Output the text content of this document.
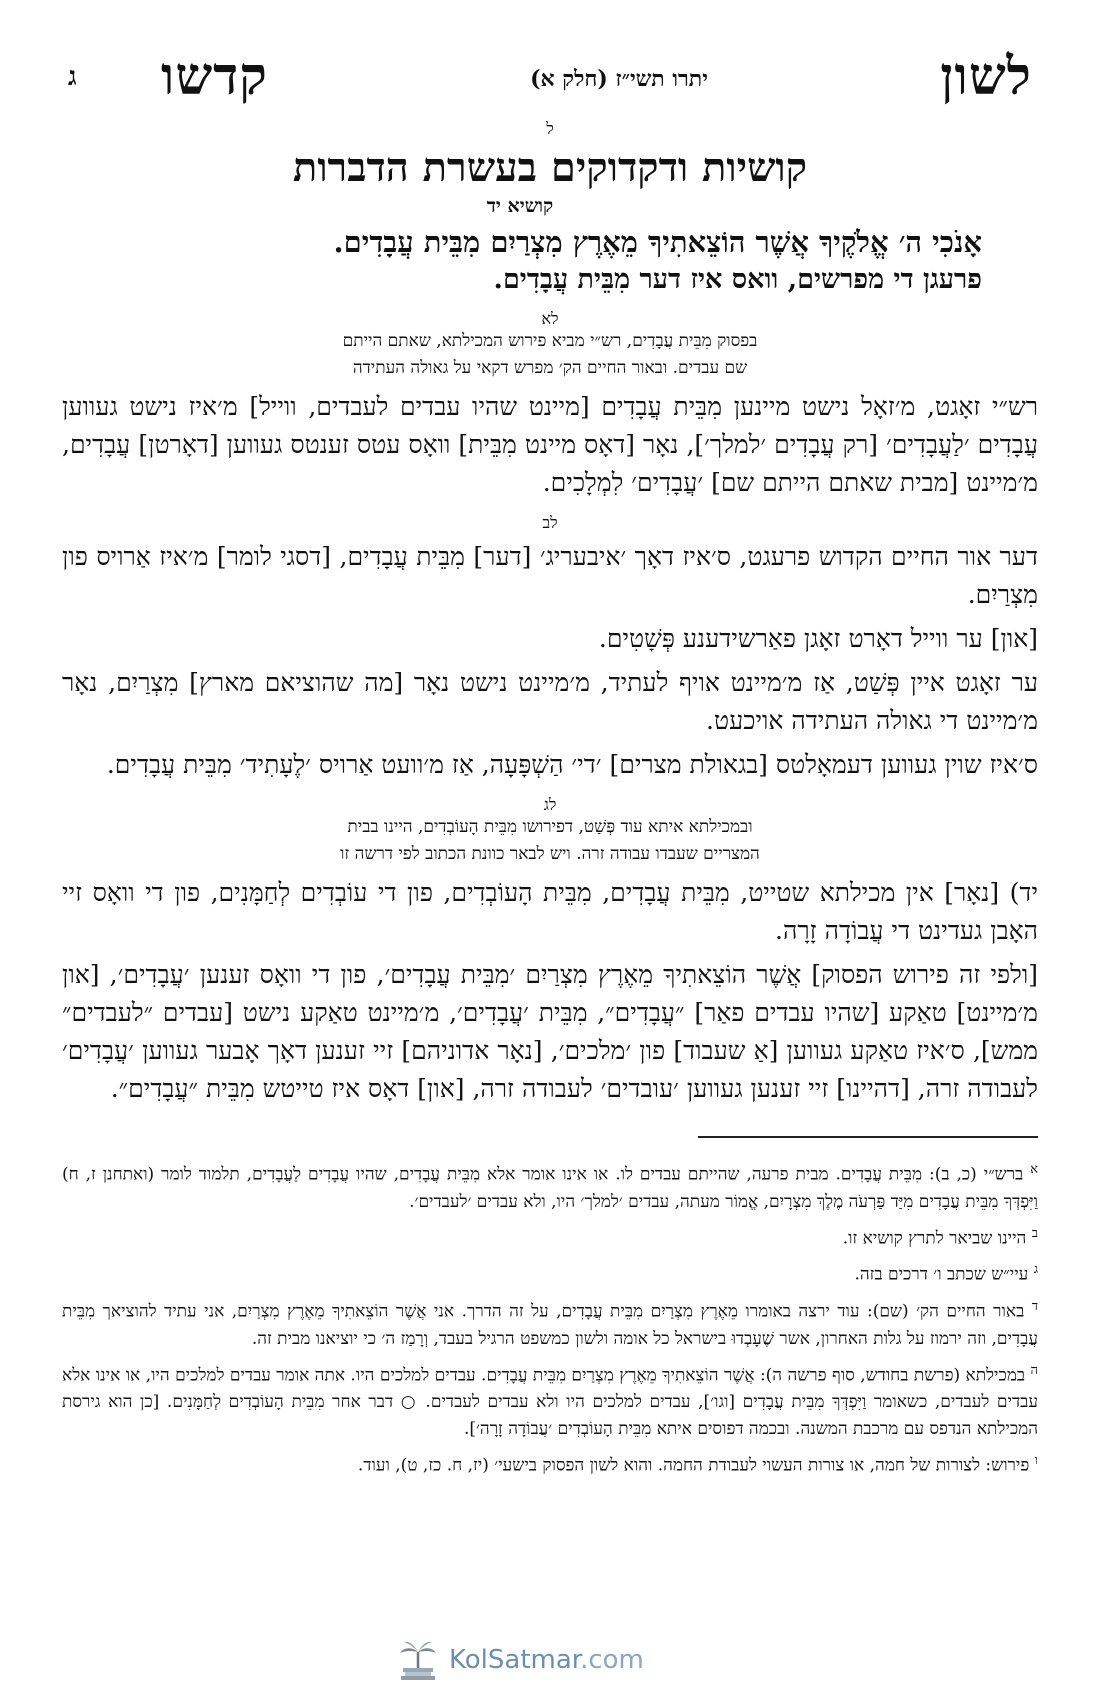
לשון
יתרו תשי״ז (חלק א)
קדשו
ג
ל
קושיות ודקדוקים בעשרת הדברות
קושיא יד
אָנֹכִי ה׳ אֱלֹקֶיךָ אֲשֶׁר הוֹצֵאתִיךָ מֵאֶרֶץ מִצְרַיִם מִבֵּית עֲבָדִים.
פרעגן די מפרשים, וואס איז דער מִבֵּית עֲבָדִים.
לא
בפסוק מִבֵּית עֲבָדִים, רש״י מביא פירוש המכילתא, שאתם הייתם
שם עבדים. ובאור החיים הק׳ מפרש דקאי על גאולה העתידה
רש״י זאָגט, מ׳זאָל נישט מיינען מִבֵּית עֲבָדִים [מיינט שהיו עבדים לעבדים, ווייל] מ׳איז נישט געווען עֲבָדִים ׳לַעֲבָדִים׳ [רק עֲבָדִים ׳למלך׳], נאָר [דאָס מיינט מִבֵּית] וואָס עטס זענטס געווען [דאָרטן] עֲבָדִים, מ׳מיינט [מבית שאתם הייתם שם] ׳עֲבָדִים׳ לִמְלָכִים.
לב
דער אור החיים הקדוש פרעגט, ס׳איז דאָך ׳איבעריג׳ [דער] מִבֵּית עֲבָדִים, [דסגי לומר] מ׳איז אַרויס פון מִצְרַיִם.
[און] ער ווייל דאָרט זאָגן פאַרשידענע פְּשָׁטִים.
ער זאָגט איין פְּשַׁט, אַז מ׳מיינט אויף לעתיד, מ׳מיינט נישט נאָר [מה שהוציאם מארץ] מִצְרַיִם, נאָר מ׳מיינט די גאולה העתידה אויכעט.
ס׳איז שוין געווען דעמאָלטס [בגאולת מצרים] ׳די׳ הַשְׁפָּעָה, אַז מ׳וועט אַרויס ׳לֶעָתִיד׳ מִבֵּית עֲבָדִים.
לג
ובמכילתא איתא עוד פְּשַׁט, דפירושו מִבֵּית הָעוֹבְדִים, היינו בבית
המצריים שעבדו עבודה זרה. ויש לבאר כוונת הכתוב לפי דרשה זו
יד) [נאָר] אין מכילתא שטייט, מִבֵּית עֲבָדִים, מִבֵּית הָעוֹבְדִים, פון די עוֹבְדִים לְחַמָּנִים, פון די וואָס זיי האָבן געדינט די עֲבוֹדָה זָרָה.
[ולפי זה פירוש הפסוק] אֲשֶׁר הוֹצֵאתִיךָ מֵאֶרֶץ מִצְרַיִם ׳מִבֵּית עֲבָדִים׳, פון די וואָס זענען ׳עֲבָדִים׳, [און מ׳מיינט] טאַקע [שהיו עבדים פאַר] ״עֲבָדִים״, מִבֵּית ׳עֲבָדִים׳, מ׳מיינט טאַקע נישט [עבדים ״לעבדים״ ממש], ס׳איז טאַקע געווען [אַ שעבוד] פון ׳מלכים׳, [נאָר אדוניהם] זיי זענען דאָך אָבער געווען ׳עֲבָדִים׳ לעבודה זרה, [דהיינו] זיי זענען געווען ׳עובדים׳ לעבודה זרה, [און] דאָס איז טייטש מִבֵּית ״עֲבָדִים״.
$^א$ ברש״י (כ, ב): מִבֵּית עֲבָדִים. מבית פרעה, שהייתם עבדים לו. או אינו אומר אלא מִבֵּית עֲבָדִים, שהיו עֲבָדִים לַעֲבָדִים, תלמוד לומר (ואתחנן ז, ח) וַיִּפְדְּךָ מִבֵּית עֲבָדִים מִיַּד פַּרְעֹה מֶלֶךְ מִצְרָיִם, אֱמוֹר מעתה, עבדים ׳למלך׳ היו, ולא עבדים ׳לעבדים׳.
$^ב$ היינו שביאר לתרץ קושיא זו.
$^ג$ עיי״ש שכתב ו׳ דרכים בזה.
$^ד$ באור החיים הק׳ (שם): עוד ירצה באומרו מֵאֶרֶץ מִצְרַיִם מִבֵּית עֲבָדִים, על זה הדרך. אני אֲשֶׁר הוֹצֵאתִיךָ מֵאֶרֶץ מִצְרַיִם, אני עתיד להוציאך מִבֵּית עֲבָדִים, וזה ירמוז על גלות האחרון, אשר שֶׁעָבְדוּ בישראל כל אומה ולשון כמשפט הרגיל בעבד, וְרָמַז ה׳ כי יוציאנו מבית זה.
$^ה$ במכילתא (פרשת בחודש, סוף פרשה ה): אֲשֶׁר הוֹצֵאתִיךָ מֵאֶרֶץ מִצְרַיִם מִבֵּית עֲבָדִים. עבדים למלכים היו. אתה אומר עבדים למלכים היו, או אינו אלא עבדים לעבדים, כשאומר וַיִּפְדְּךָ מִבֵּית עֲבָדִים [וגו׳], עבדים למלכים היו ולא עבדים לעבדים. ○ דבר אחר מִבֵּית הָעוֹבְדִים לְחַמָּנִים. [כן הוא גירסת המכילתא הנדפס עם מרכבת המשנה. ובכמה דפוסים איתא מִבֵּית הָעוֹבְדִים ׳עֲבוֹדָה זָרָה׳].
$^ו$ פירוש: לצורות של חמה, או צורות העשוי לעבודת החמה. והוא לשון הפסוק בישעי׳ (יז, ח. כז, ט), ועוד.
KolSatmar.com
